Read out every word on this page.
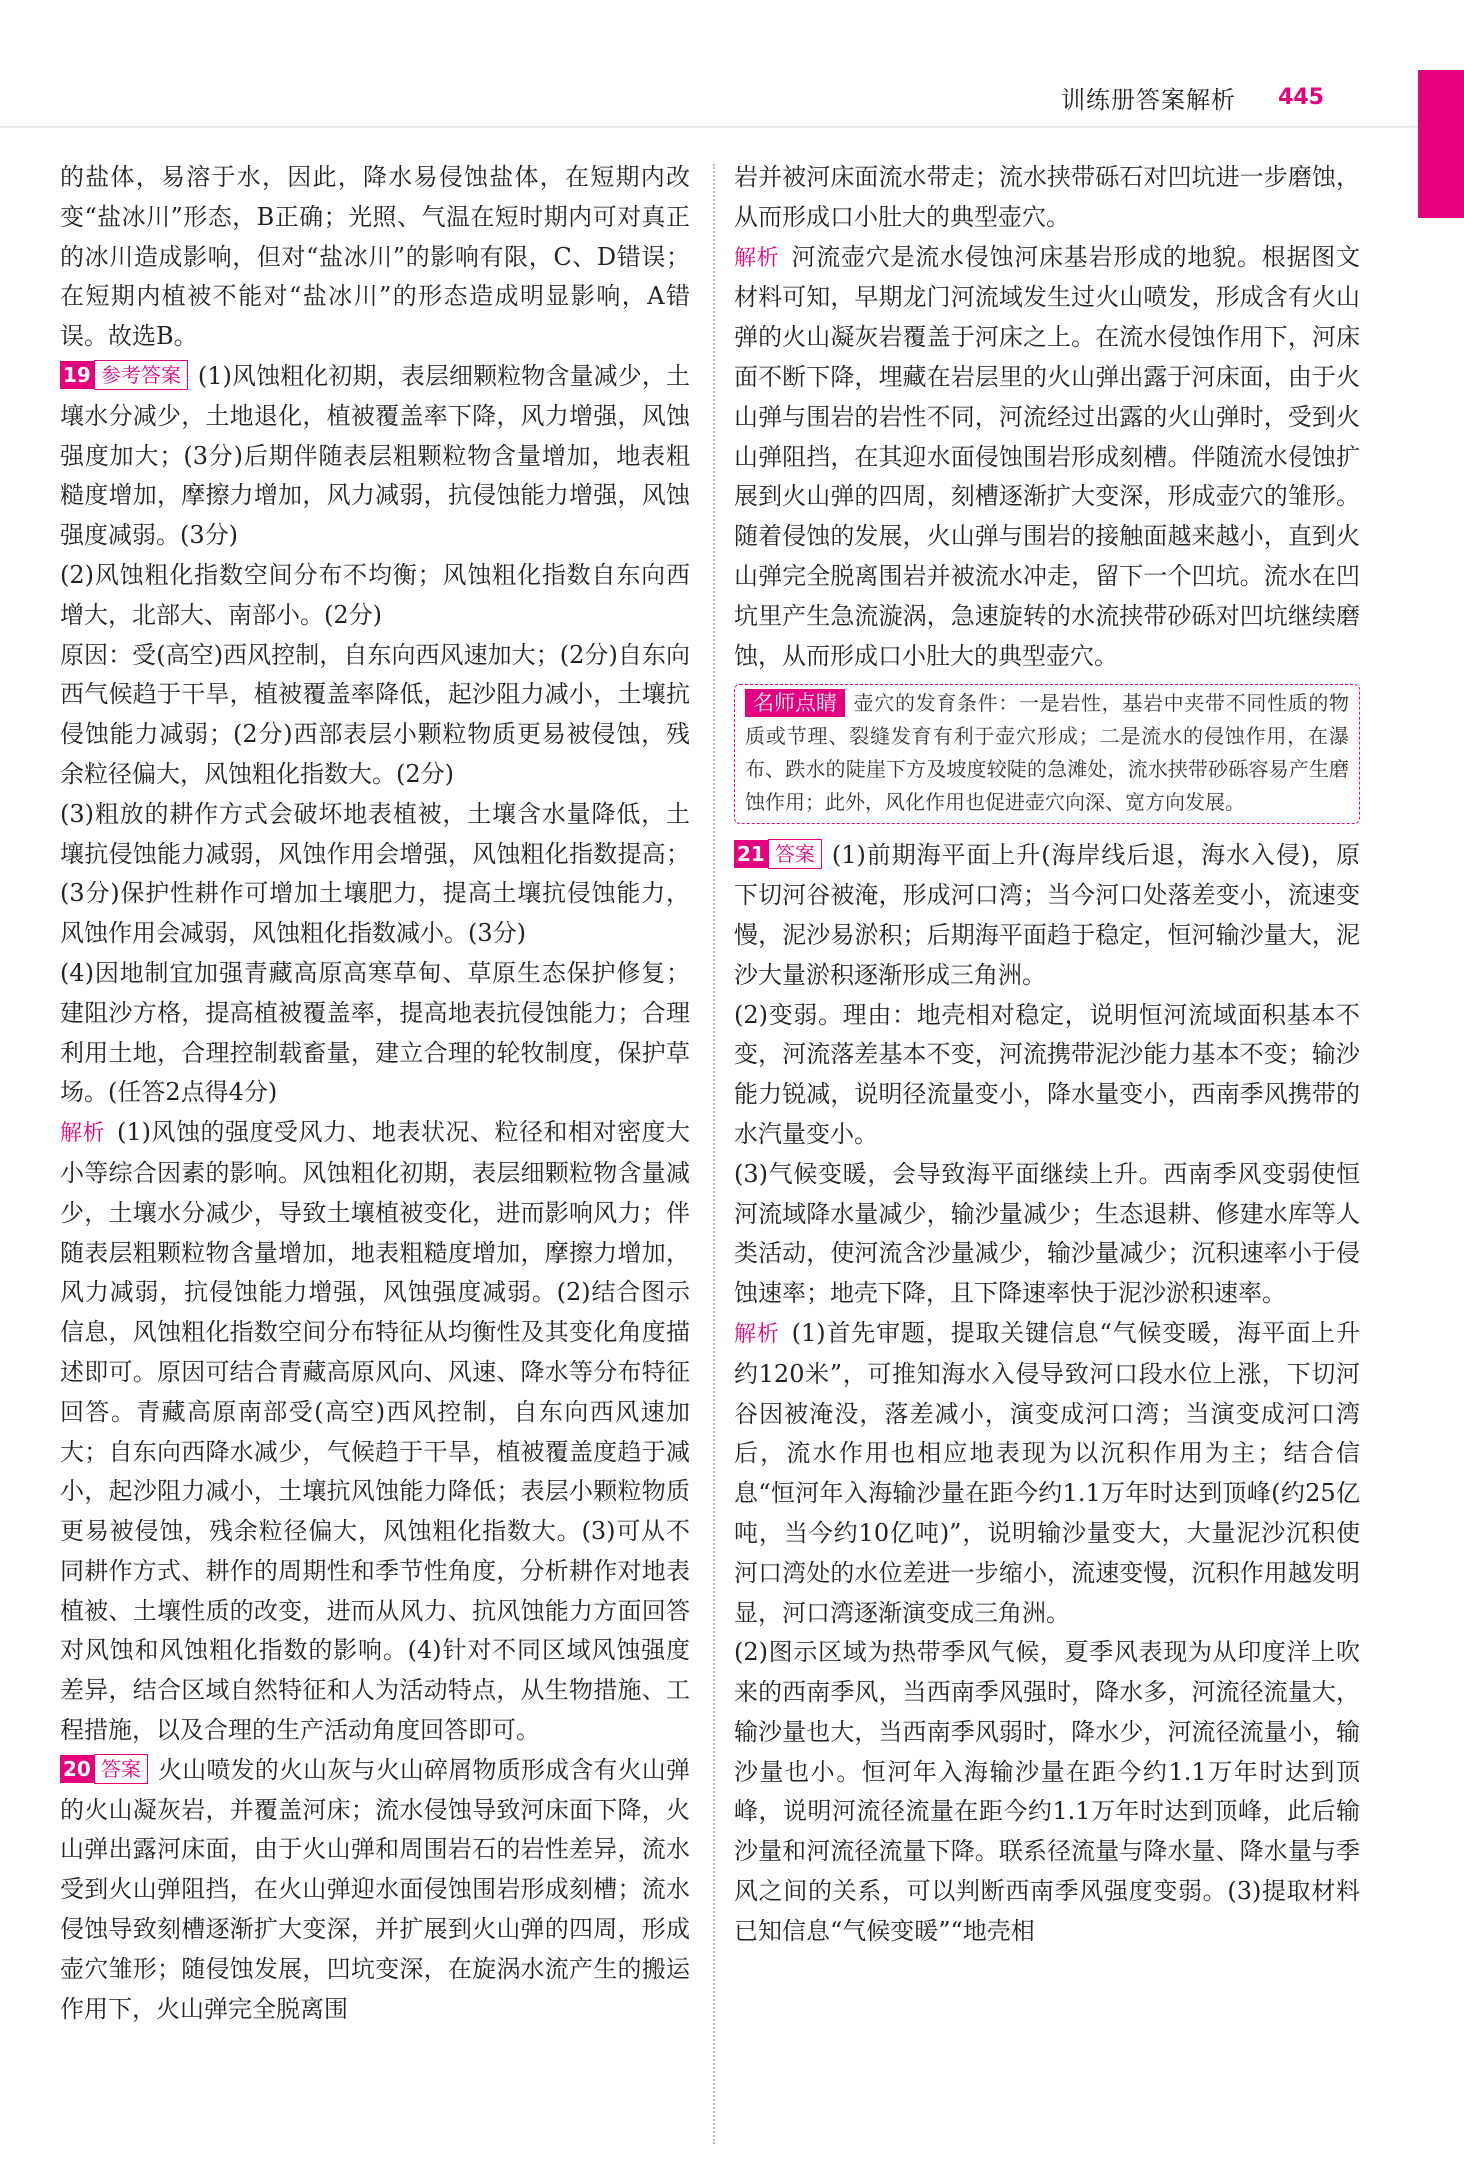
训练册答案解析 445

的盐体，易溶于水，因此，降水易侵蚀盐体，在短期内改变“盐冰川”形态，B正确；光照、气温在短时期内可对真正的冰川造成影响，但对“盐冰川”的影响有限，C、D错误；在短期内植被不能对“盐冰川”的形态造成明显影响，A错误。故选B。

19 参考答案 (1)风蚀粗化初期，表层细颗粒物含量减少，土壤水分减少，土地退化，植被覆盖率下降，风力增强，风蚀强度加大；(3分)后期伴随表层粗颗粒物含量增加，地表粗糙度增加，摩擦力增加，风力减弱，抗侵蚀能力增强，风蚀强度减弱。(3分)

(2)风蚀粗化指数空间分布不均衡；风蚀粗化指数自东向西增大，北部大、南部小。(2分)

原因：受(高空)西风控制，自东向西风速加大；(2分)自东向西气候趋于干旱，植被覆盖率降低，起沙阻力减小，土壤抗侵蚀能力减弱；(2分)西部表层小颗粒物质更易被侵蚀，残余粒径偏大，风蚀粗化指数大。(2分)

(3)粗放的耕作方式会破坏地表植被，土壤含水量降低，土壤抗侵蚀能力减弱，风蚀作用会增强，风蚀粗化指数提高；(3分)保护性耕作可增加土壤肥力，提高土壤抗侵蚀能力，风蚀作用会减弱，风蚀粗化指数减小。(3分)

(4)因地制宜加强青藏高原高寒草甸、草原生态保护修复；建阻沙方格，提高植被覆盖率，提高地表抗侵蚀能力；合理利用土地，合理控制载畜量，建立合理的轮牧制度，保护草场。(任答2点得4分)

解析 (1)风蚀的强度受风力、地表状况、粒径和相对密度大小等综合因素的影响。风蚀粗化初期，表层细颗粒物含量减少，土壤水分减少，导致土壤植被变化，进而影响风力；伴随表层粗颗粒物含量增加，地表粗糙度增加，摩擦力增加，风力减弱，抗侵蚀能力增强，风蚀强度减弱。(2)结合图示信息，风蚀粗化指数空间分布特征从均衡性及其变化角度描述即可。原因可结合青藏高原风向、风速、降水等分布特征回答。青藏高原南部受(高空)西风控制，自东向西风速加大；自东向西降水减少，气候趋于干旱，植被覆盖度趋于减小，起沙阻力减小，土壤抗风蚀能力降低；表层小颗粒物质更易被侵蚀，残余粒径偏大，风蚀粗化指数大。(3)可从不同耕作方式、耕作的周期性和季节性角度，分析耕作对地表植被、土壤性质的改变，进而从风力、抗风蚀能力方面回答对风蚀和风蚀粗化指数的影响。(4)针对不同区域风蚀强度差异，结合区域自然特征和人为活动特点，从生物措施、工程措施，以及合理的生产活动角度回答即可。

20 答案 火山喷发的火山灰与火山碎屑物质形成含有火山弹的火山凝灰岩，并覆盖河床；流水侵蚀导致河床面下降，火山弹出露河床面，由于火山弹和周围岩石的岩性差异，流水受到火山弹阻挡，在火山弹迎水面侵蚀围岩形成刻槽；流水侵蚀导致刻槽逐渐扩大变深，并扩展到火山弹的四周，形成壶穴雏形；随侵蚀发展，凹坑变深，在旋涡水流产生的搬运作用下，火山弹完全脱离围

岩并被河床面流水带走；流水挟带砾石对凹坑进一步磨蚀，从而形成口小肚大的典型壶穴。

解析 河流壶穴是流水侵蚀河床基岩形成的地貌。根据图文材料可知，早期龙门河流域发生过火山喷发，形成含有火山弹的火山凝灰岩覆盖于河床之上。在流水侵蚀作用下，河床面不断下降，埋藏在岩层里的火山弹出露于河床面，由于火山弹与围岩的岩性不同，河流经过出露的火山弹时，受到火山弹阻挡，在其迎水面侵蚀围岩形成刻槽。伴随流水侵蚀扩展到火山弹的四周，刻槽逐渐扩大变深，形成壶穴的雏形。随着侵蚀的发展，火山弹与围岩的接触面越来越小，直到火山弹完全脱离围岩并被流水冲走，留下一个凹坑。流水在凹坑里产生急流漩涡，急速旋转的水流挟带砂砾对凹坑继续磨蚀，从而形成口小肚大的典型壶穴。

名师点睛 壶穴的发育条件：一是岩性，基岩中夹带不同性质的物质或节理、裂缝发育有利于壶穴形成；二是流水的侵蚀作用，在瀑布、跌水的陡崖下方及坡度较陡的急滩处，流水挟带砂砾容易产生磨蚀作用；此外，风化作用也促进壶穴向深、宽方向发展。

21 答案 (1)前期海平面上升(海岸线后退，海水入侵)，原下切河谷被淹，形成河口湾；当今河口处落差变小，流速变慢，泥沙易淤积；后期海平面趋于稳定，恒河输沙量大，泥沙大量淤积逐渐形成三角洲。

(2)变弱。理由：地壳相对稳定，说明恒河流域面积基本不变，河流落差基本不变，河流携带泥沙能力基本不变；输沙能力锐减，说明径流量变小，降水量变小，西南季风携带的水汽量变小。

(3)气候变暖，会导致海平面继续上升。西南季风变弱使恒河流域降水量减少，输沙量减少；生态退耕、修建水库等人类活动，使河流含沙量减少，输沙量减少；沉积速率小于侵蚀速率；地壳下降，且下降速率快于泥沙淤积速率。

解析 (1)首先审题，提取关键信息“气候变暖，海平面上升约120米”，可推知海水入侵导致河口段水位上涨，下切河谷因被淹没，落差减小，演变成河口湾；当演变成河口湾后，流水作用也相应地表现为以沉积作用为主；结合信息“恒河年入海输沙量在距今约1.1万年时达到顶峰(约25亿吨，当今约10亿吨)”，说明输沙量变大，大量泥沙沉积使河口湾处的水位差进一步缩小，流速变慢，沉积作用越发明显，河口湾逐渐演变成三角洲。

(2)图示区域为热带季风气候，夏季风表现为从印度洋上吹来的西南季风，当西南季风强时，降水多，河流径流量大，输沙量也大，当西南季风弱时，降水少，河流径流量小，输沙量也小。恒河年入海输沙量在距今约1.1万年时达到顶峰，说明河流径流量在距今约1.1万年时达到顶峰，此后输沙量和河流径流量下降。联系径流量与降水量、降水量与季风之间的关系，可以判断西南季风强度变弱。(3)提取材料已知信息“气候变暖”“地壳相
